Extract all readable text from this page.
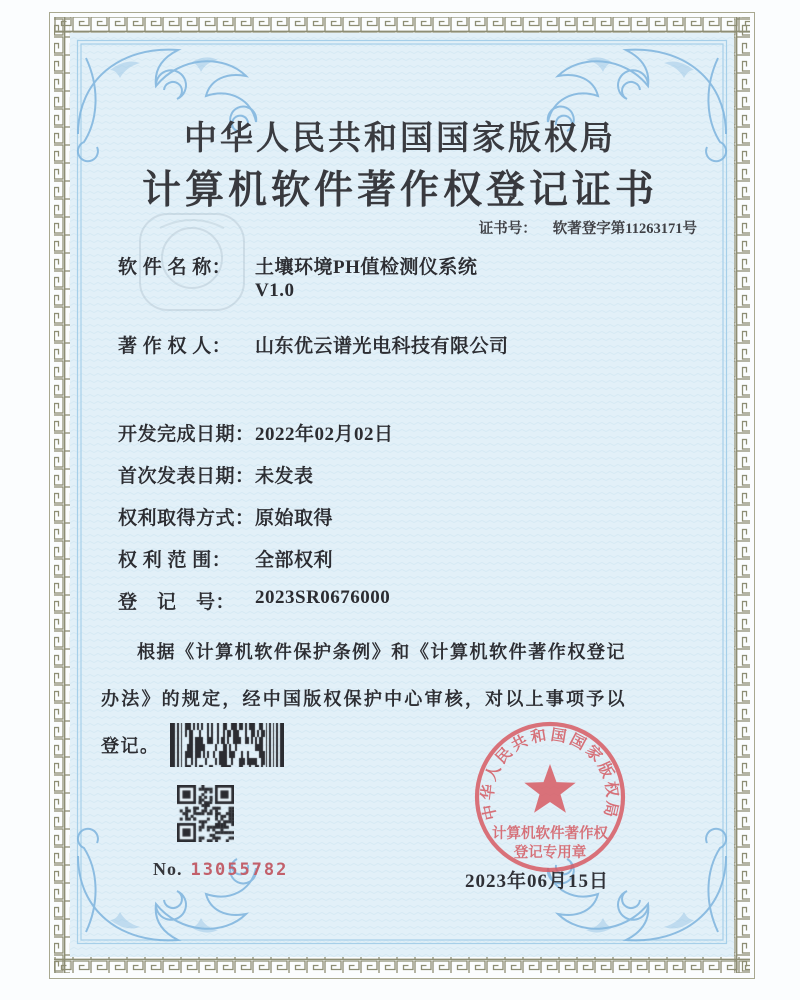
中华人民共和国国家版权局
计算机软件著作权登记证书
证书号： 软著登字第11263171号
软 件 名 称： 土壤环境PH值检测仪系统
V1.0
著 作 权 人： 山东优云谱光电科技有限公司
开发完成日期： 2022年02月02日
首次发表日期： 未发表
权利取得方式： 原始取得
权 利 范 围： 全部权利
登　记　号： 2023SR0676000
根据《计算机软件保护条例》和《计算机软件著作权登记办法》的规定，经中国版权保护中心审核，对以上事项予以登记。
No. 13055782
中华人民共和国国家版权局
计算机软件著作权
登记专用章
2023年06月15日
